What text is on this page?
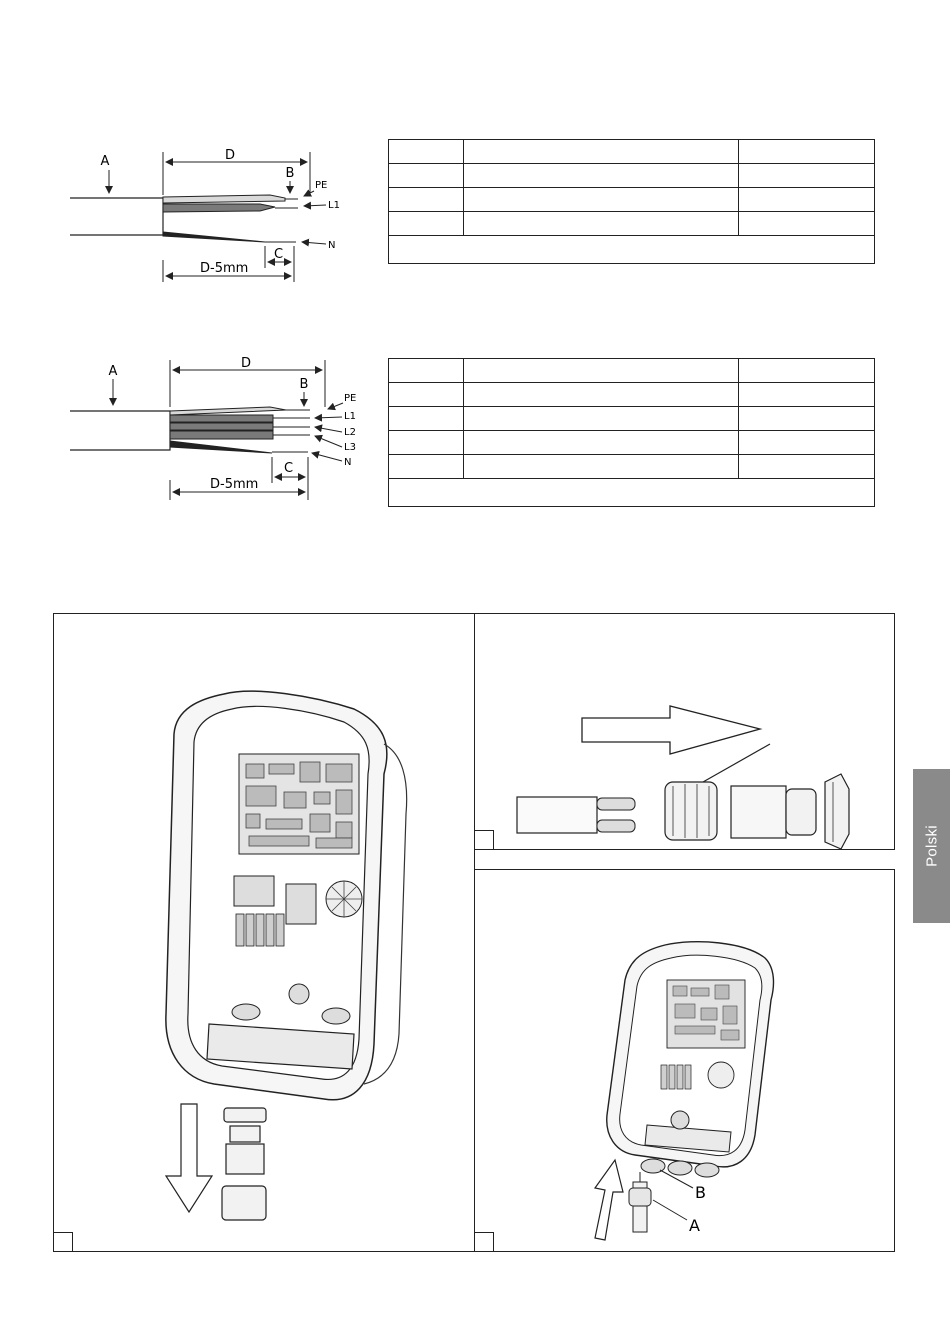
D
A
B
PE
L1
N
C
D-5mm

D
A
B
PE
L1
L2
L3
N
C
D-5mm

B
A
Polski
